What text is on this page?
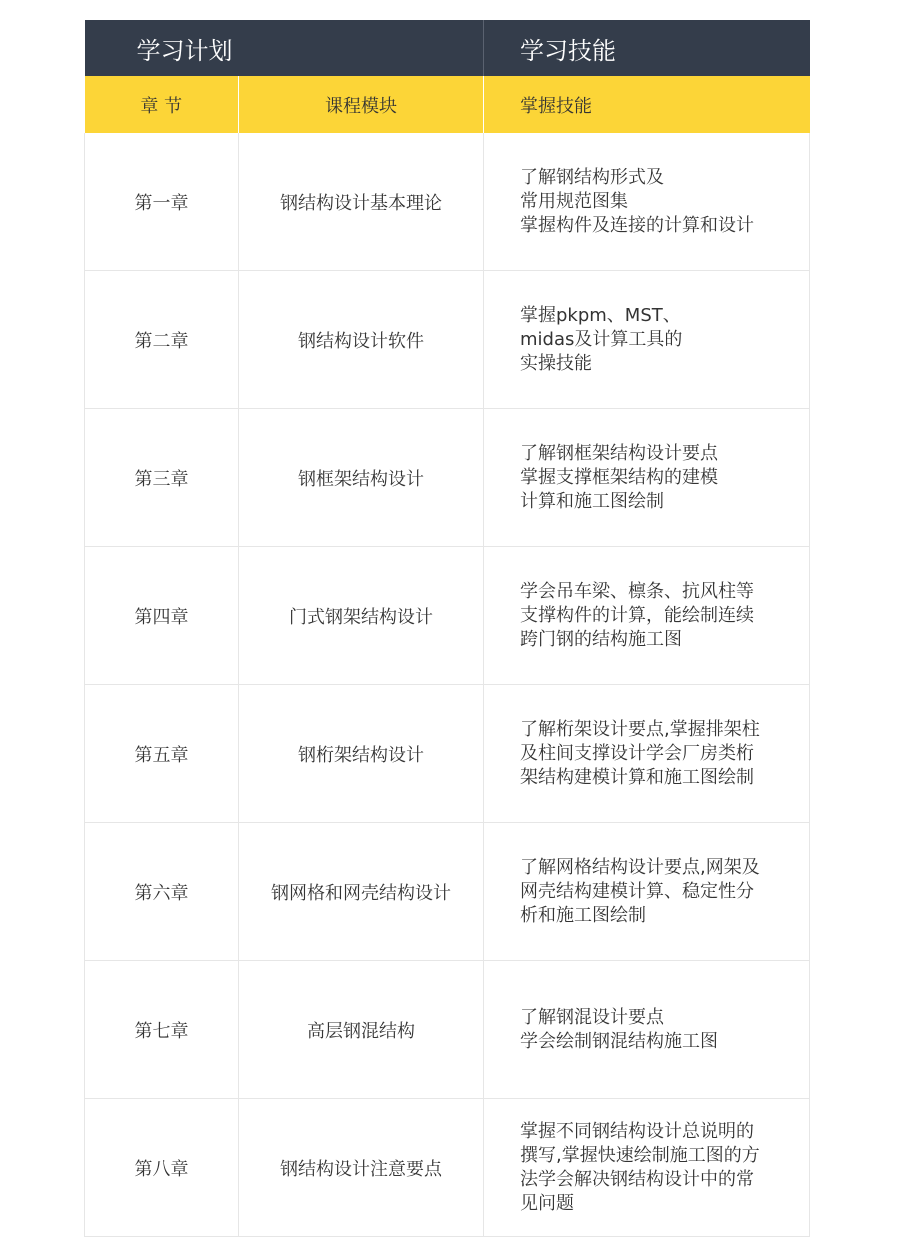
学习计划		学习技能
章 节	课程模块	掌握技能
第一章	钢结构设计基本理论	了解钢结构形式及
常用规范图集
掌握构件及连接的计算和设计

第二章	钢结构设计软件	掌握pkpm、MST、
midas及计算工具的
实操技能

第三章	钢框架结构设计	了解钢框架结构设计要点
掌握支撑框架结构的建模
计算和施工图绘制

第四章	门式钢架结构设计	学会吊车梁、檩条、抗风柱等
支撑构件的计算，能绘制连续
跨门钢的结构施工图

第五章	钢桁架结构设计	了解桁架设计要点,掌握排架柱
及柱间支撑设计学会厂房类桁
架结构建模计算和施工图绘制

第六章	钢网格和网壳结构设计	了解网格结构设计要点,网架及
网壳结构建模计算、稳定性分
析和施工图绘制

第七章	高层钢混结构	了解钢混设计要点
学会绘制钢混结构施工图

第八章	钢结构设计注意要点	掌握不同钢结构设计总说明的
撰写,掌握快速绘制施工图的方
法学会解决钢结构设计中的常
见问题
